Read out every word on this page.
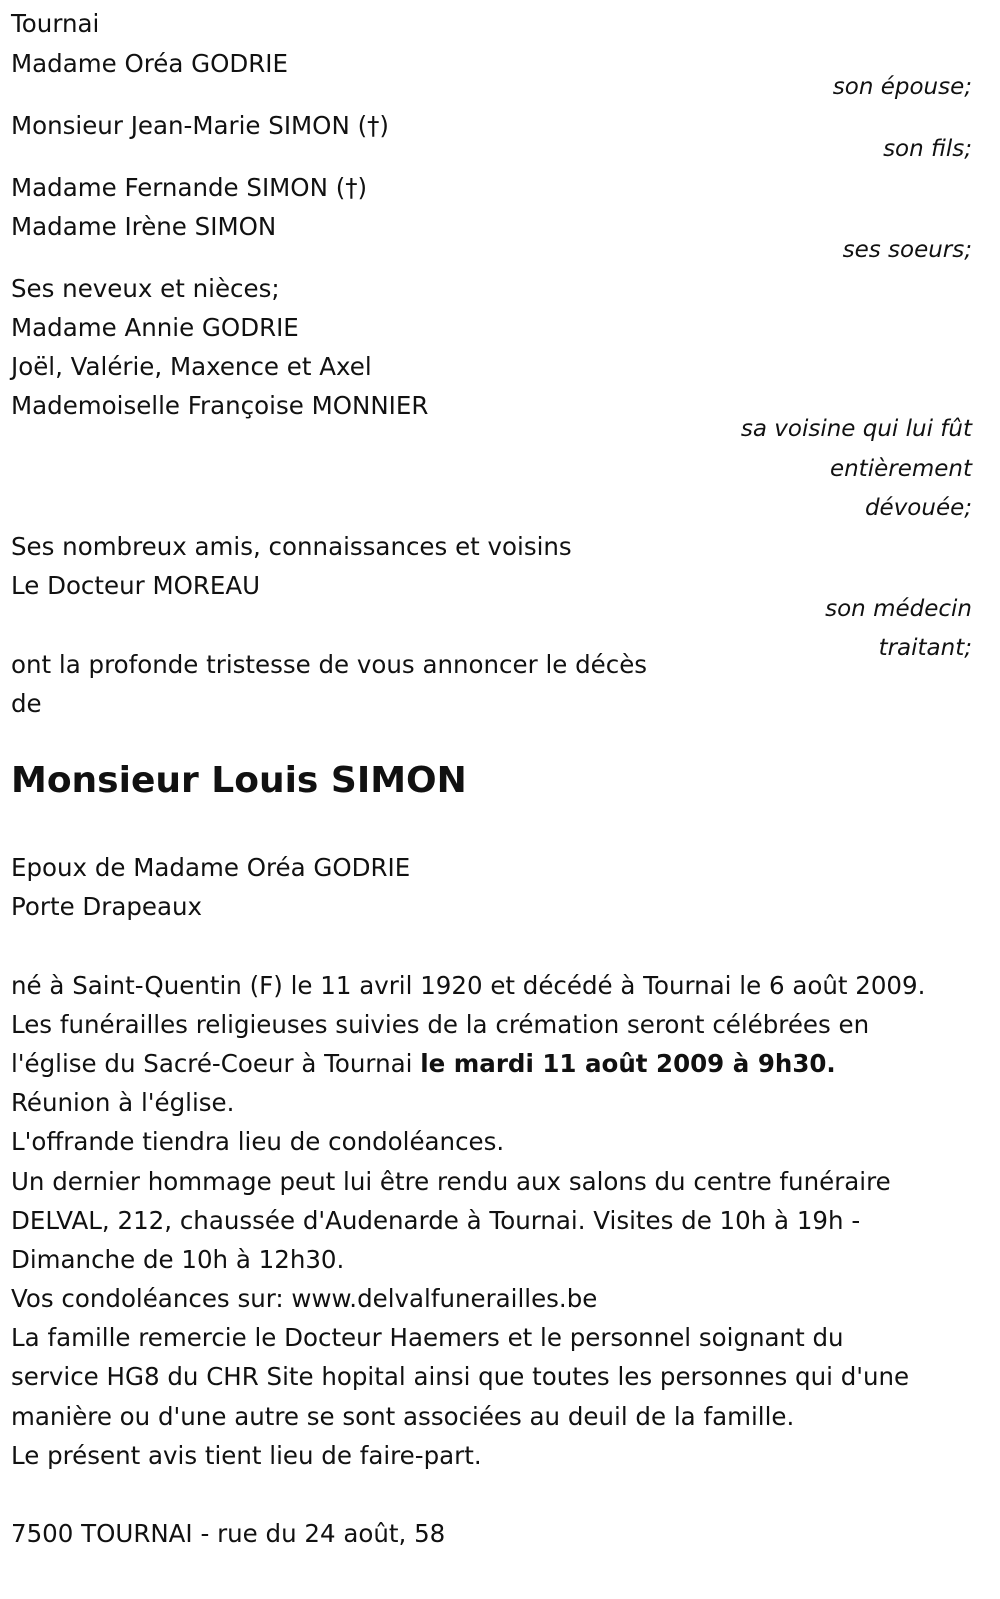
Tournai
Madame Oréa GODRIE
son épouse;
Monsieur Jean-Marie SIMON (†)
son fils;
Madame Fernande SIMON (†)
Madame Irène SIMON
ses soeurs;
Ses neveux et nièces;
Madame Annie GODRIE
Joël, Valérie, Maxence et Axel
Mademoiselle Françoise MONNIER
sa voisine qui lui fût
entièrement
dévouée;
Ses nombreux amis, connaissances et voisins
Le Docteur MOREAU
son médecin
traitant;
ont la profonde tristesse de vous annoncer le décès
de
Monsieur Louis SIMON
Epoux de Madame Oréa GODRIE
Porte Drapeaux
né à Saint-Quentin (F) le 11 avril 1920 et décédé à Tournai le 6 août 2009.
Les funérailles religieuses suivies de la crémation seront célébrées en
l'église du Sacré-Coeur à Tournai le mardi 11 août 2009 à 9h30.
Réunion à l'église.
L'offrande tiendra lieu de condoléances.
Un dernier hommage peut lui être rendu aux salons du centre funéraire
DELVAL, 212, chaussée d'Audenarde à Tournai. Visites de 10h à 19h -
Dimanche de 10h à 12h30.
Vos condoléances sur: www.delvalfunerailles.be
La famille remercie le Docteur Haemers et le personnel soignant du
service HG8 du CHR Site hopital ainsi que toutes les personnes qui d'une
manière ou d'une autre se sont associées au deuil de la famille.
Le présent avis tient lieu de faire-part.
7500 TOURNAI - rue du 24 août, 58
